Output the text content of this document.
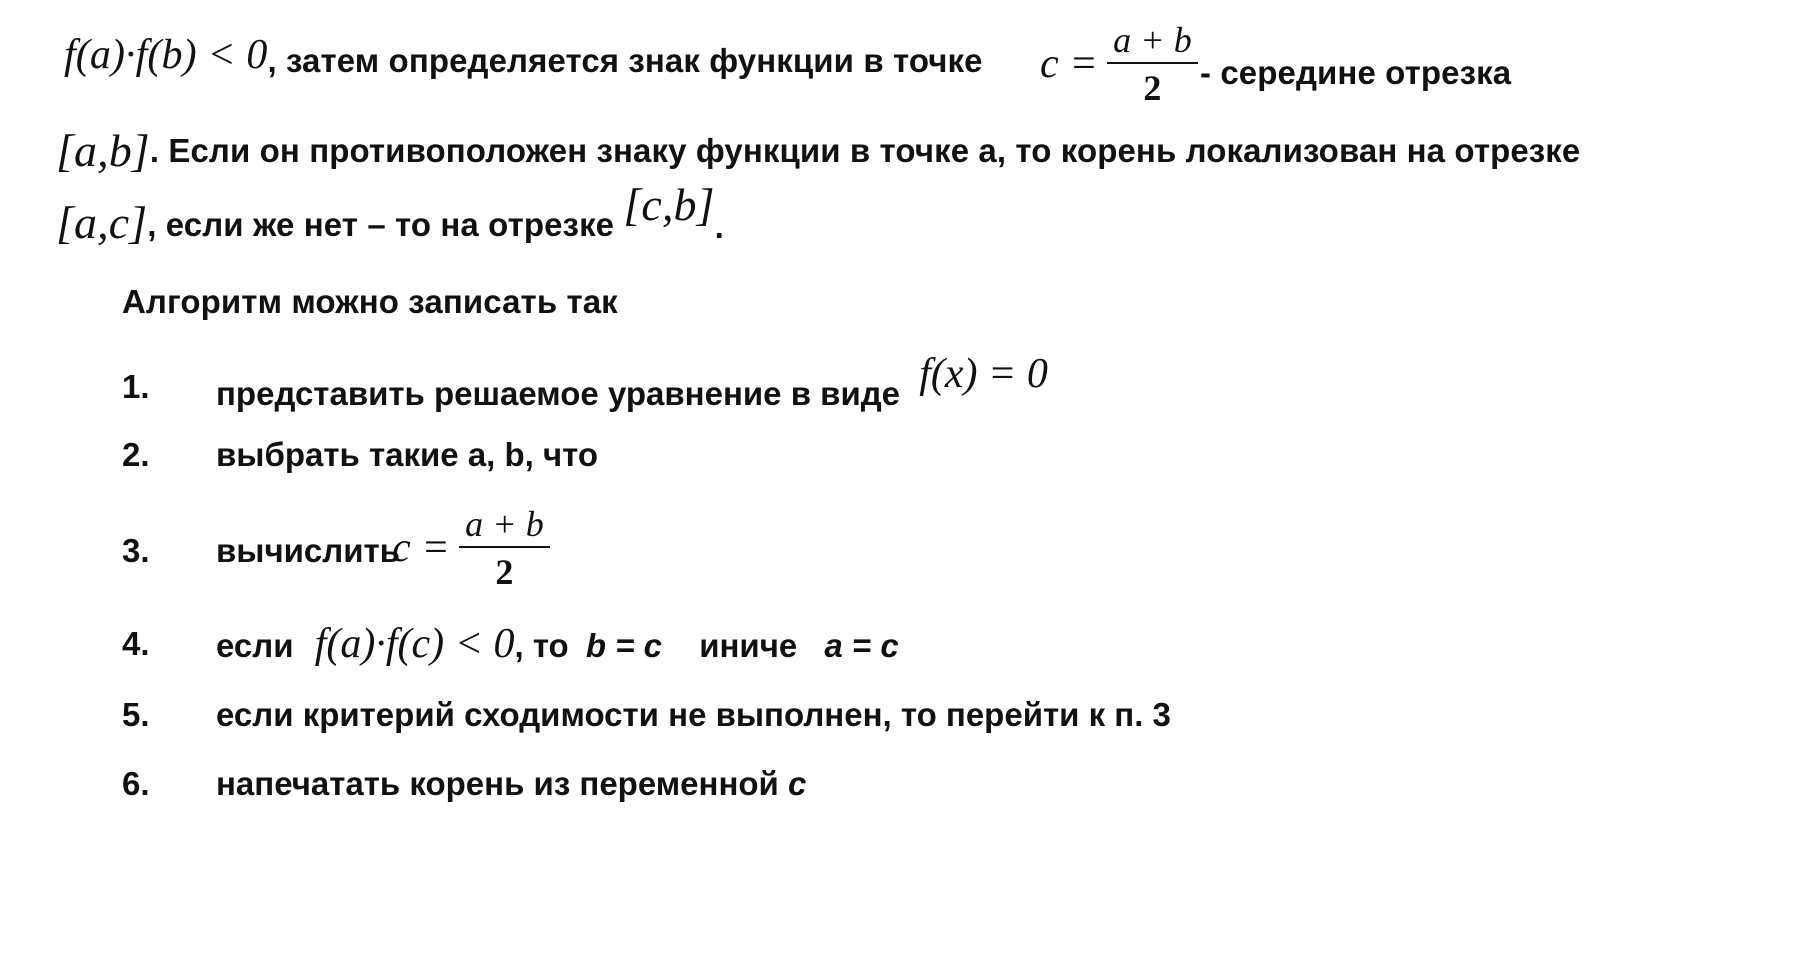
f(a)·f(b) < 0, затем определяется знак функции в точке $c = \frac{a + b}{2}$ - середине отрезка
[a,b]. Если он противоположен знаку функции в точке а, то корень локализован на отрезке
[a,c], если же нет – то на отрезке [c,b].
Алгоритм можно записать так
1. представить решаемое уравнение в виде f(x) = 0
2. выбрать такие a, b, что
3. вычислить
$c = \frac{a + b}{2}$
4. если f(a)·f(c) < 0, то b = c иниче a = c
5. если критерий сходимости не выполнен, то перейти к п. 3
6. напечатать корень из переменной c
